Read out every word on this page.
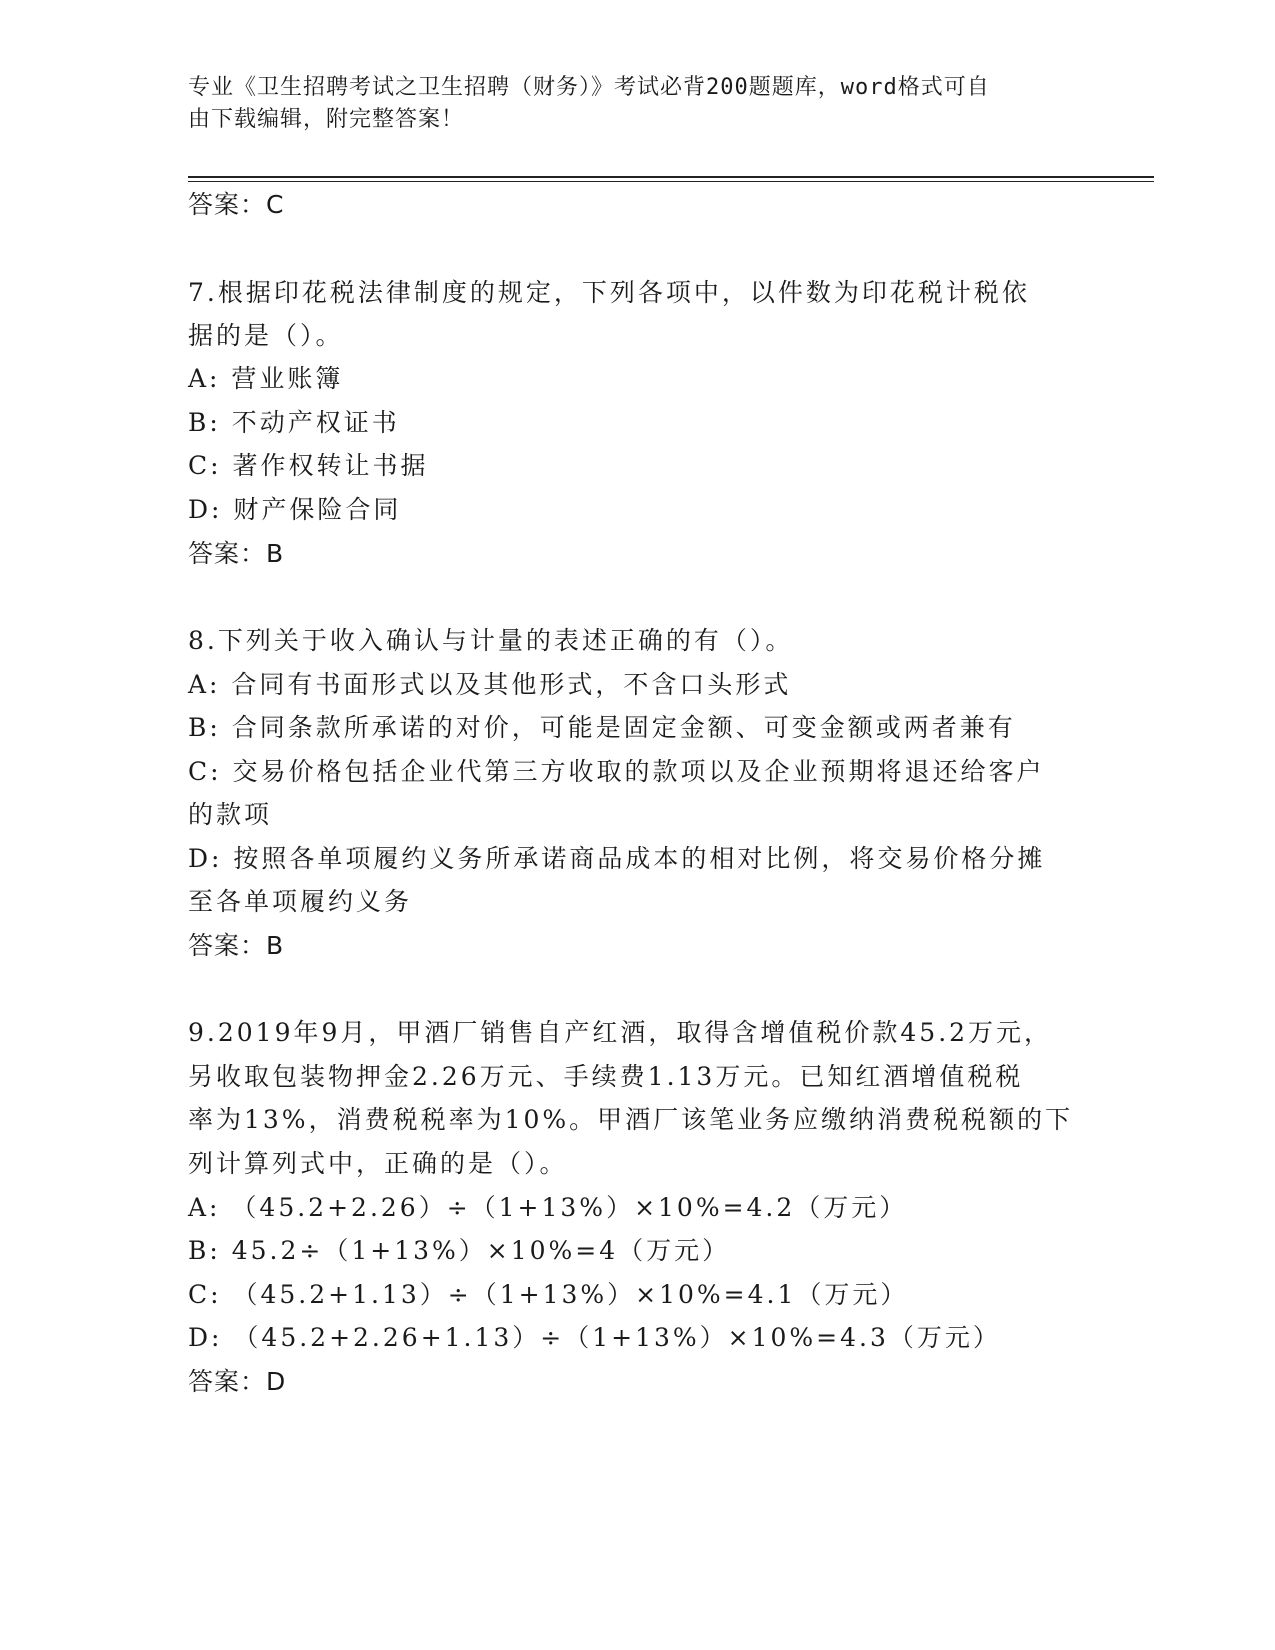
专业《卫生招聘考试之卫生招聘（财务）》考试必背200题题库，word格式可自
由下载编辑，附完整答案！
答案：C
7.根据印花税法律制度的规定，下列各项中，以件数为印花税计税依
据的是（）。
A: 营业账簿
B: 不动产权证书
C: 著作权转让书据
D: 财产保险合同
答案：B
8.下列关于收入确认与计量的表述正确的有（）。
A: 合同有书面形式以及其他形式，不含口头形式
B: 合同条款所承诺的对价，可能是固定金额、可变金额或两者兼有
C: 交易价格包括企业代第三方收取的款项以及企业预期将退还给客户
的款项
D: 按照各单项履约义务所承诺商品成本的相对比例，将交易价格分摊
至各单项履约义务
答案：B
9.2019年9月，甲酒厂销售自产红酒，取得含增值税价款45.2万元，
另收取包装物押金2.26万元、手续费1.13万元。已知红酒增值税税
率为13%，消费税税率为10%。甲酒厂该笔业务应缴纳消费税税额的下
列计算列式中，正确的是（）。
A: （45.2+2.26）÷（1+13%）×10%=4.2（万元）
B: 45.2÷（1+13%）×10%=4（万元）
C: （45.2+1.13）÷（1+13%）×10%=4.1（万元）
D: （45.2+2.26+1.13）÷（1+13%）×10%=4.3（万元）
答案：D
